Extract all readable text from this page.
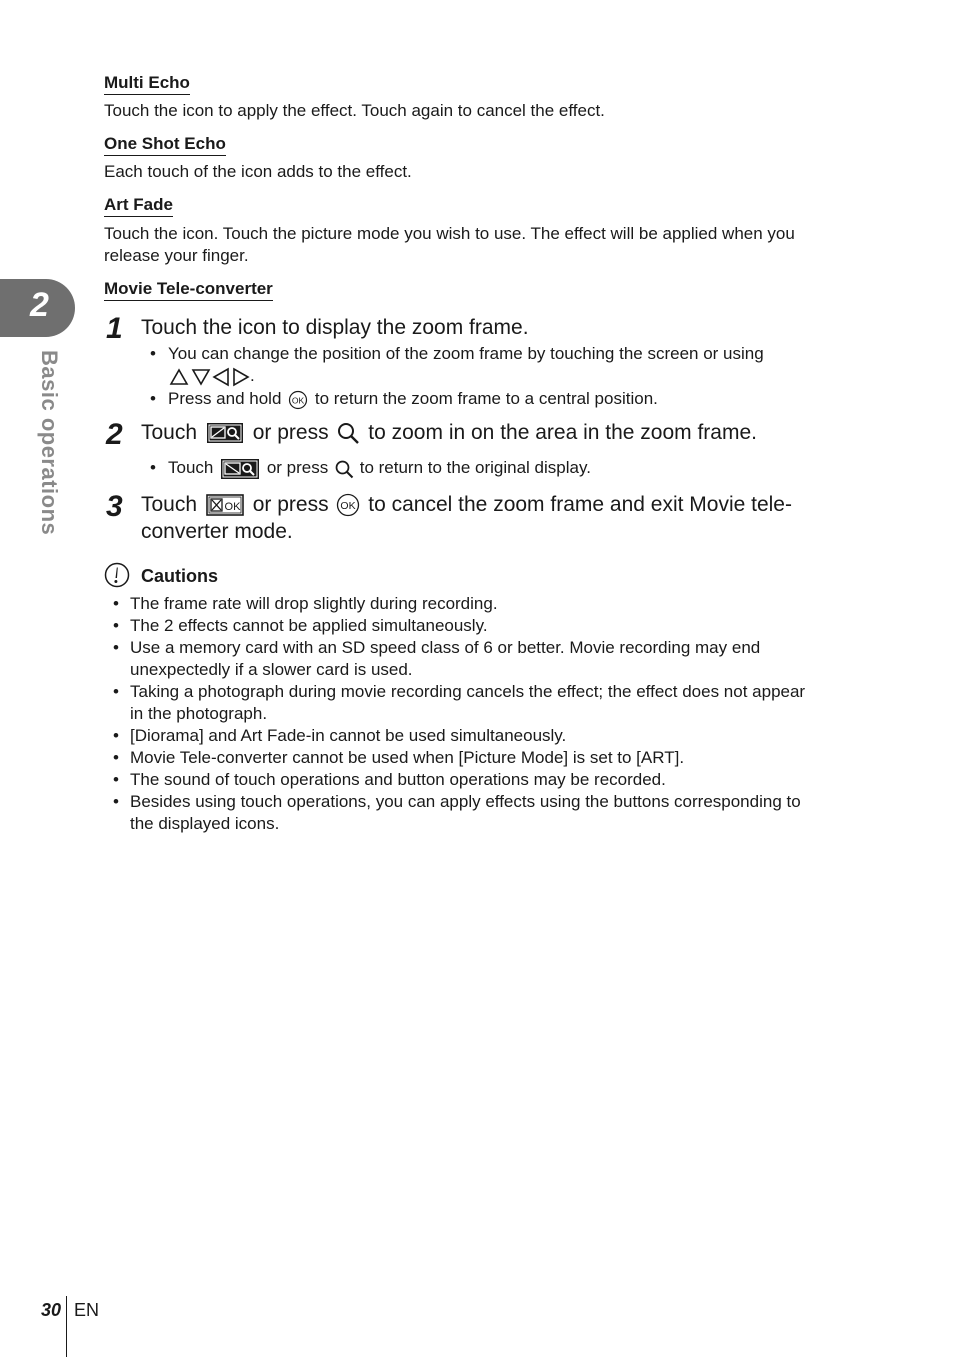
2
Basic operations
Multi Echo
Touch the icon to apply the effect. Touch again to cancel the effect.
One Shot Echo
Each touch of the icon adds to the effect.
Art Fade
Touch the icon. Touch the picture mode you wish to use. The effect will be applied when you
release your finger.
Movie Tele-converter
1 Touch the icon to display the zoom frame.
• You can change the position of the zoom frame by touching the screen or using
.
• Press and hold OK to return the zoom frame to a central position.
2 Touch	or press to zoom in on the area in the zoom frame.
• Touch	or press to return to the original display.
3 Touch OK or press OK to cancel the zoom frame and exit Movie tele-
converter mode.
Cautions
• The frame rate will drop slightly during recording.
• The 2 effects cannot be applied simultaneously.
• Use a memory card with an SD speed class of 6 or better. Movie recording may end
unexpectedly if a slower card is used.
• Taking a photograph during movie recording cancels the effect; the effect does not appear
in the photograph.
• [Diorama] and Art Fade-in cannot be used simultaneously.
• Movie Tele-converter cannot be used when [Picture Mode] is set to [ART].
• The sound of touch operations and button operations may be recorded.
• Besides using touch operations, you can apply effects using the buttons corresponding to
the displayed icons.
30 EN
